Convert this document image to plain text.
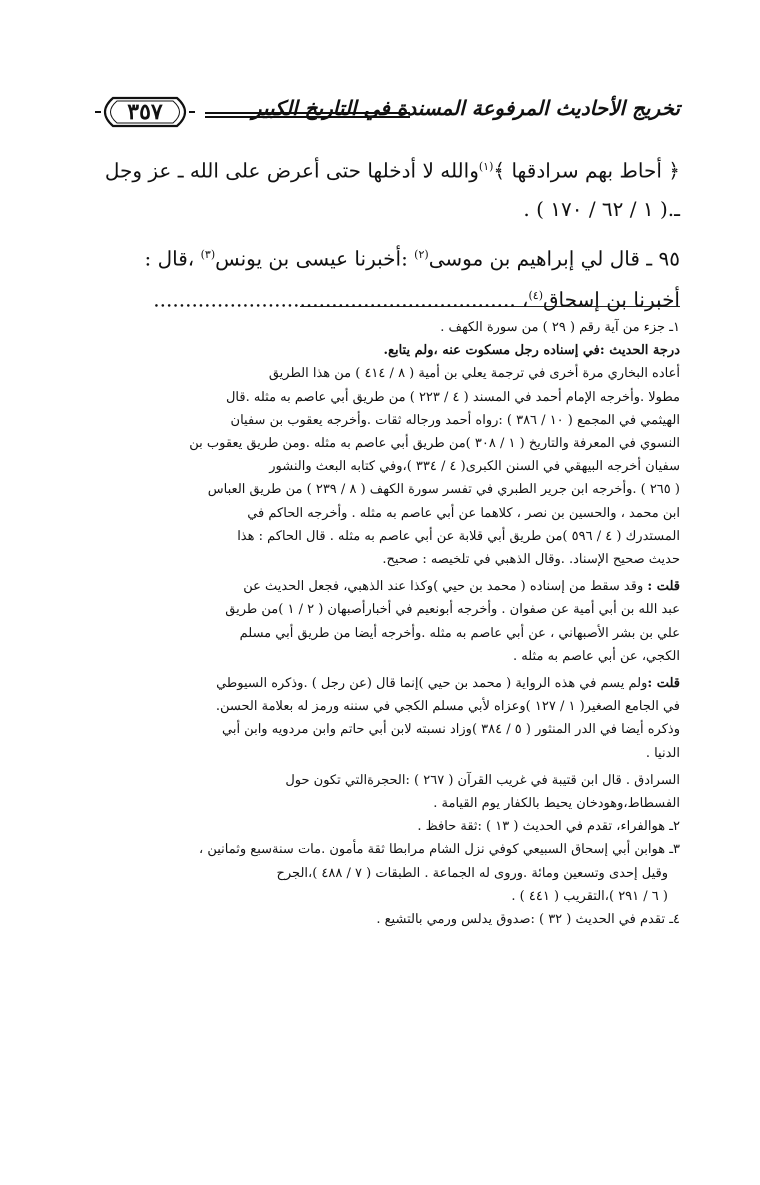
تخريج الأحاديث المرفوعة المسندة في التاريخ الكبير
٣٥٧
﴿ أحاط بهم سرادقها ﴾$^{(١)}$والله لا أدخلها حتى أعرض على الله ـ عز وجل
ـ.( ١ / ٦٢ / ١٧٠ ) .
٩٥ ـ قال لي إبراهيم بن موسى$^{(٢)}$ :أخبرنا عيسى بن يونس$^{(٣)}$ ،قال :
أخبرنا بن إسحاق$^{(٤)}$، .........................................................
١ـ جزء من آية رقم ( ٢٩ ) من سورة الكهف .
درجة الحديث :في إسناده رجل مسكوت عنه ،ولم يتابع.
أعاده البخاري مرة أخرى في ترجمة يعلي بن أمية ( ٨ / ٤١٤ ) من هذا الطريق
مطولا .وأخرجه الإمام أحمد في المسند ( ٤ / ٢٢٣ ) من طريق أبي عاصم به مثله .قال
الهيثمي في المجمع ( ١٠ / ٣٨٦ ) :رواه أحمد ورجاله ثقات .وأخرجه يعقوب بن سفيان
النسوي في المعرفة والتاريخ ( ١ / ٣٠٨ )من طريق أبي عاصم به مثله .ومن طريق يعقوب بن
سفيان أخرجه البيهقي في السنن الكبرى( ٤ / ٣٣٤ )،وفي كتابه البعث والنشور
( ٢٦٥ ) .وأخرجه ابن جرير الطبري في تفسر سورة الكهف ( ٨ / ٢٣٩ ) من طريق العباس
ابن محمد ، والحسين بن نصر ، كلاهما عن أبي عاصم به مثله . وأخرجه الحاكم في
المستدرك ( ٤ / ٥٩٦ )من طريق أبي قلابة عن أبي عاصم به مثله . قال الحاكم : هذا
حديث صحيح الإسناد. .وقال الذهبي في تلخيصه : صحيح.
قلت : وقد سقط من إسناده ( محمد بن حيي )وكذا عند الذهبي، فجعل الحديث عن
عبد الله بن أبي أمية عن صفوان . وأخرجه أبونعيم في أخبارأصبهان ( ٢ / ١ )من طريق
علي بن بشر الأصبهاني ، عن أبي عاصم به مثله .وأخرجه أيضا من طريق أبي مسلم
الكجي، عن أبي عاصم به مثله .
قلت :ولم يسم في هذه الرواية ( محمد بن حيي )إنما قال (عن رجل ) .وذكره السيوطي
في الجامع الصغير( ١ / ١٢٧ )وعزاه لأبي مسلم الكجي في سننه ورمز له بعلامة الحسن.
وذكره أيضا في الدر المنثور ( ٥ / ٣٨٤ )وزاد نسبته لابن أبي حاتم وابن مردويه وابن أبي
الدنيا .
السرادق . قال ابن قتيبة في غريب القرآن ( ٢٦٧ ) :الحجرةالتي تكون حول
الفسطاط،وهودخان يحيط بالكفار يوم القيامة .
٢ـ هوالفراء، تقدم في الحديث ( ١٣ ) :ثقة حافظ .
٣ـ هوابن أبي إسحاق السبيعي كوفي نزل الشام مرابطا ثقة مأمون .مات سنةسبع وثمانين ،
وقيل إحدى وتسعين ومائة .وروى له الجماعة . الطبقات ( ٧ / ٤٨٨ )،الجرح
( ٦ / ٢٩١ )،التقريب ( ٤٤١ ) .
٤ـ تقدم في الحديث ( ٣٢ ) :صدوق يدلس ورمي بالتشيع .
